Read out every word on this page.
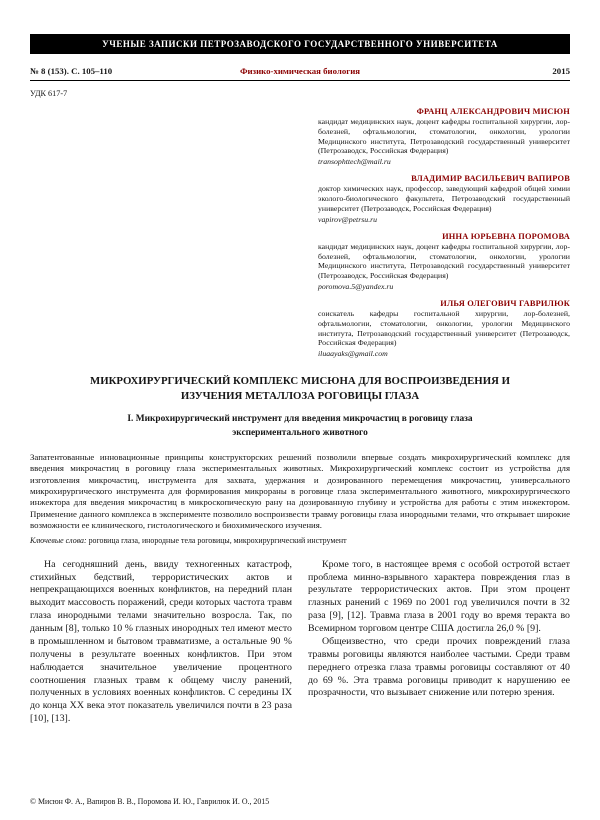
УЧЕНЫЕ ЗАПИСКИ ПЕТРОЗАВОДСКОГО ГОСУДАРСТВЕННОГО УНИВЕРСИТЕТА
№ 8 (153). С. 105–110	Физико-химическая биология	2015
УДК 617-7
ФРАНЦ АЛЕКСАНДРОВИЧ МИСЮН
кандидат медицинских наук, доцент кафедры госпитальной хирургии, лор-болезней, офтальмологии, стоматологии, онкологии, урологии Медицинского института, Петрозаводский государственный университет (Петрозаводск, Российская Федерация)
transophttech@mail.ru
ВЛАДИМИР ВАСИЛЬЕВИЧ ВАПИРОВ
доктор химических наук, профессор, заведующий кафедрой общей химии эколого-биологического факультета, Петрозаводский государственный университет (Петрозаводск, Российская Федерация)
vapirov@petrsu.ru
ИННА ЮРЬЕВНА ПОРОМОВА
кандидат медицинских наук, доцент кафедры госпитальной хирургии, лор-болезней, офтальмологии, стоматологии, онкологии, урологии Медицинского института, Петрозаводский государственный университет (Петрозаводск, Российская Федерация)
poromova.5@yandex.ru
ИЛЬЯ ОЛЕГОВИЧ ГАВРИЛЮК
соискатель кафедры госпитальной хирургии, лор-болезней, офтальмологии, стоматологии, онкологии, урологии Медицинского института, Петрозаводский государственный университет (Петрозаводск, Российская Федерация)
iluaayaks@gmail.com
МИКРОХИРУРГИЧЕСКИЙ КОМПЛЕКС МИСЮНА ДЛЯ ВОСПРОИЗВЕДЕНИЯ И ИЗУЧЕНИЯ МЕТАЛЛОЗА РОГОВИЦЫ ГЛАЗА
I. Микрохирургический инструмент для введения микрочастиц в роговицу глаза экспериментального животного

Запатентованные инновационные принципы конструкторских решений позволили впервые создать микрохирургический комплекс для введения микрочастиц в роговицу глаза экспериментальных животных. Микрохирургический комплекс состоит из устройства для изготовления микрочастиц, инструмента для захвата, удержания и дозированного перемещения микрочастиц, универсального микрохирургического инструмента для формирования микрораны в роговице глаза экспериментального животного, микрохирургического инжектора для введения микрочастиц в микроскопическую рану на дозированную глубину и устройства для работы с этим инжектором. Применение данного комплекса в эксперименте позволило воспроизвести травму роговицы глаза инородными телами, что открывает широкие возможности ее клинического, гистологического и биохимического изучения.

Ключевые слова: роговица глаза, инородные тела роговицы, микрохирургический инструмент

На сегодняшний день, ввиду техногенных катастроф, стихийных бедствий, террористических актов и непрекращающихся военных конфликтов, на передний план выходит массовость поражений, среди которых частота травм глаза инородными телами значительно возросла. Так, по данным [8], только 10 % глазных инородных тел имеют место в промышленном и бытовом травматизме, а остальные 90 % получены в результате военных конфликтов. При этом наблюдается значительное увеличение процентного соотношения глазных травм к общему числу ранений, полученных в условиях военных конфликтов. С середины IX до конца XX века этот показатель увеличился почти в 23 раза [10], [13].

Кроме того, в настоящее время с особой остротой встает проблема минно-взрывного характера повреждения глаз в результате террористических актов. При этом процент глазных ранений с 1969 по 2001 год увеличился почти в 32 раза [9], [12]. Травма глаза в 2001 году во время теракта во Всемирном торговом центре США достигла 26,0 % [9].

Общеизвестно, что среди прочих повреждений глаза травмы роговицы являются наиболее частыми. Среди травм переднего отрезка глаза травмы роговицы составляют от 40 до 69 %. Эта травма роговицы приводит к нарушению ее прозрачности, что вызывает снижение или потерю зрения.

© Мисюн Ф. А., Вапиров В. В., Поромова И. Ю., Гаврилюк И. О., 2015
